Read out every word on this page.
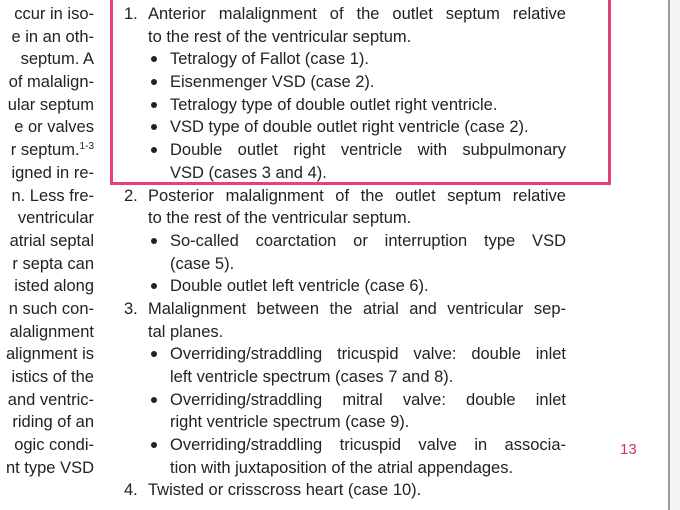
ccur in iso-
e in an oth-
septum. A
of malalign-
ular septum
e or valves
r septum.$^{1-3}$
igned in re-
n. Less fre-
ventricular
atrial septal
r septa can
isted along
n such con-
alalignment
alignment is
istics of the
and ventric-
riding of an
ogic condi-
nt type VSD
1. Anterior malalignment of the outlet septum relative
to the rest of the ventricular septum.
Tetralogy of Fallot (case 1).
Eisenmenger VSD (case 2).
Tetralogy type of double outlet right ventricle.
VSD type of double outlet right ventricle (case 2).
Double outlet right ventricle with subpulmonary
VSD (cases 3 and 4).
2. Posterior malalignment of the outlet septum relative
to the rest of the ventricular septum.
So-called coarctation or interruption type VSD
(case 5).
Double outlet left ventricle (case 6).
3. Malalignment between the atrial and ventricular sep-
tal planes.
Overriding/straddling tricuspid valve: double inlet
left ventricle spectrum (cases 7 and 8).
Overriding/straddling mitral valve: double inlet
right ventricle spectrum (case 9).
Overriding/straddling tricuspid valve in associa-
tion with juxtaposition of the atrial appendages.
4. Twisted or crisscross heart (case 10).
13
